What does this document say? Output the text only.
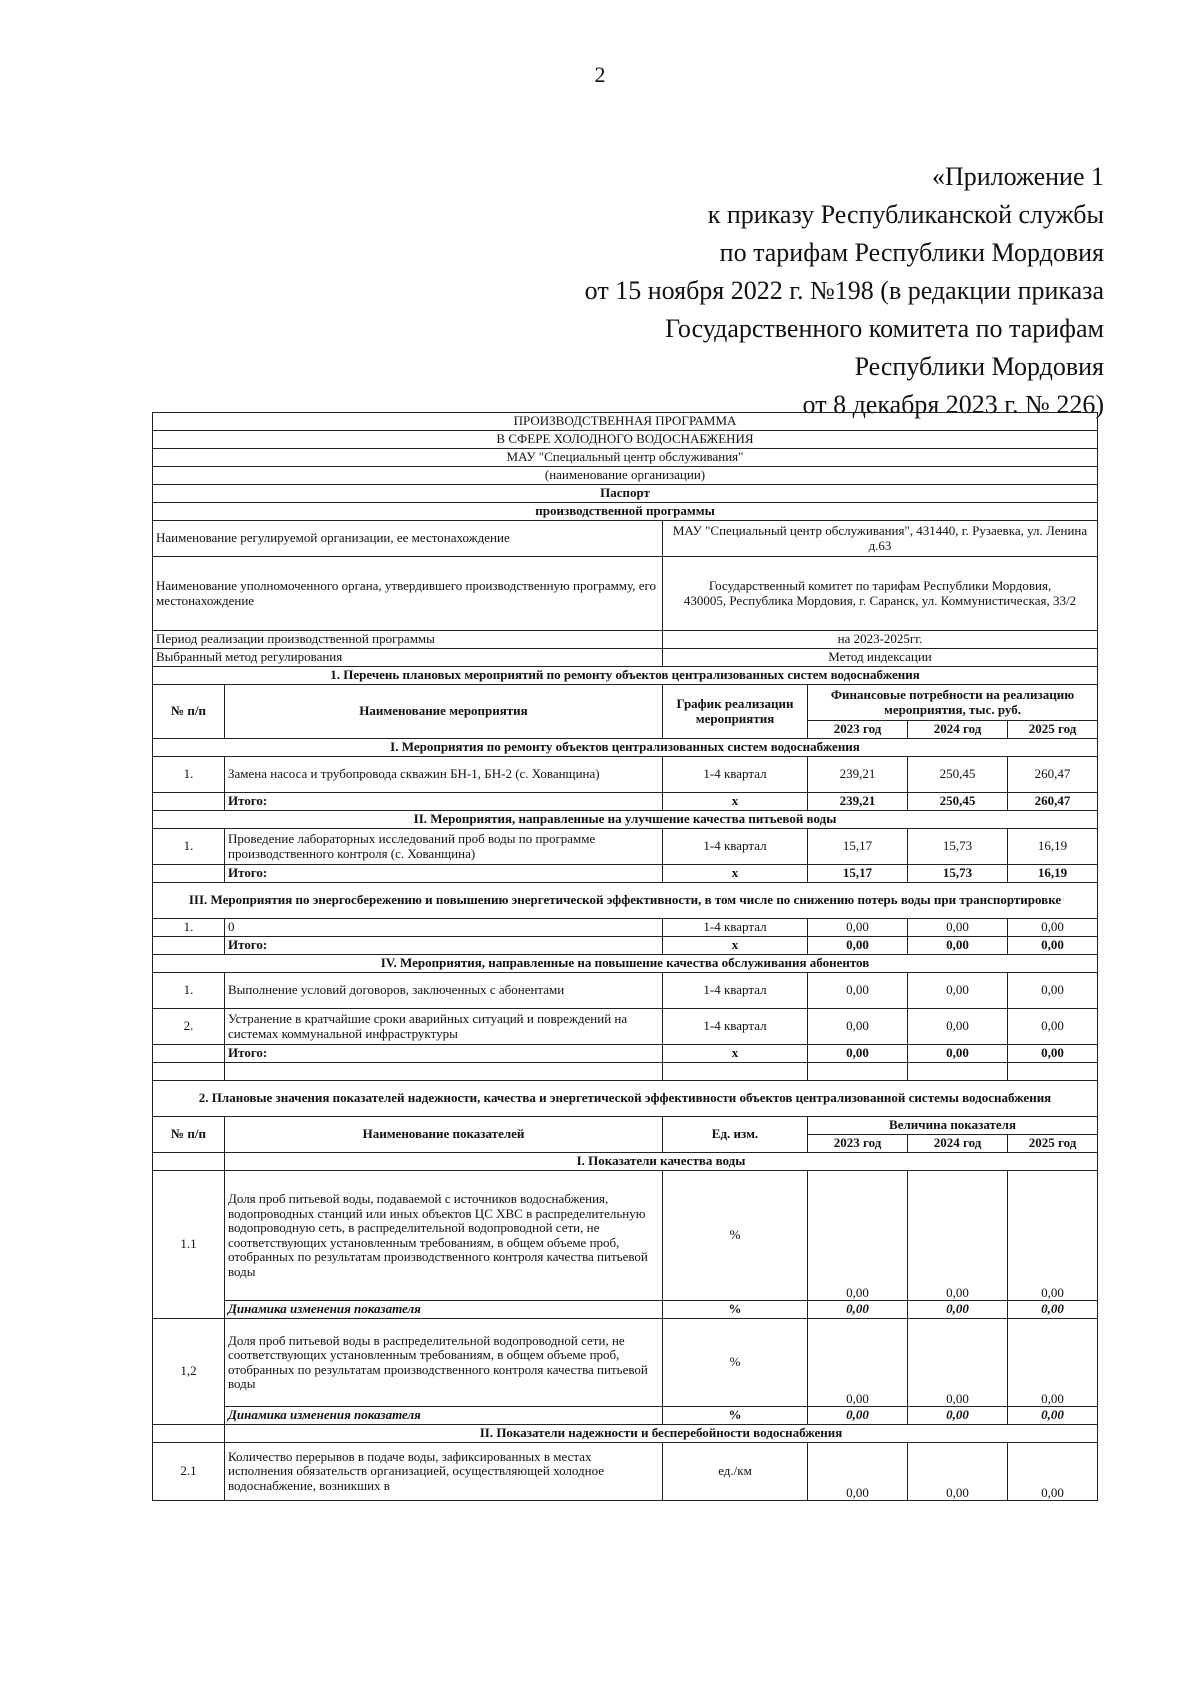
2
«Приложение 1
к приказу Республиканской службы
по тарифам Республики Мордовия
от 15 ноября 2022 г. №198 (в редакции приказа
Государственного комитета по тарифам
Республики Мордовия
от 8 декабря 2023 г. № 226)
ПРОИЗВОДСТВЕННАЯ ПРОГРАММА					
В СФЕРЕ ХОЛОДНОГО ВОДОСНАБЖЕНИЯ					
МАУ "Специальный центр обслуживания"					
(наименование организации)					
Паспорт					
производственной программы					
Наименование регулируемой организации, ее местонахождение		МАУ "Специальный центр обслуживания", 431440, г. Рузаевка, ул. Ленина д.63			
Наименование уполномоченного органа, утвердившего производственную программу, его местонахождение		Государственный комитет по тарифам Республики Мордовия,
430005, Республика Мордовия, г. Саранск, ул. Коммунистическая, 33/2			

Период реализации производственной программы		на 2023-2025гг.			
Выбранный метод регулирования		Метод индексации			
1. Перечень плановых мероприятий по ремонту объектов централизованных систем водоснабжения					
№ п/п	Наименование мероприятия	График реализации мероприятия	Финансовые потребности на реализацию мероприятия, тыс. руб.		
			2023 год	2024 год	2025 год
I. Мероприятия по ремонту объектов централизованных систем водоснабжения					
1.	Замена насоса и трубопровода скважин БН-1, БН-2 (с. Хованщина)	1-4 квартал	239,21	250,45	260,47
	Итого:	х	239,21	250,45	260,47
II. Мероприятия, направленные на улучшение качества питьевой воды					
1.	Проведение лабораторных исследований проб воды по программе производственного контроля (с. Хованщина)	1-4 квартал	15,17	15,73	16,19
	Итого:	х	15,17	15,73	16,19
III. Мероприятия по энергосбережению и повышению энергетической эффективности, в том числе по снижению потерь воды при транспортировке					
1.	0	1-4 квартал	0,00	0,00	0,00
	Итого:	х	0,00	0,00	0,00
IV. Мероприятия, направленные на повышение качества обслуживания абонентов					
1.	Выполнение условий договоров, заключенных с абонентами	1-4 квартал	0,00	0,00	0,00
2.	Устранение в кратчайшие сроки аварийных ситуаций и повреждений на системах коммунальной инфраструктуры	1-4 квартал	0,00	0,00	0,00
	Итого:	х	0,00	0,00	0,00

2. Плановые значения показателей надежности, качества и энергетической эффективности объектов централизованной системы водоснабжения					
№ п/п	Наименование показателей	Ед. изм.	Величина показателя		
			2023 год	2024 год	2025 год
	I. Показатели качества воды				
1.1	Доля проб питьевой воды, подаваемой с источников водоснабжения, водопроводных станций или иных объектов ЦС ХВС в распределительную водопроводную сеть, в распределительной водопроводной сети, не соответствующих установленным требованиям, в общем объеме проб, отобранных по результатам производственного контроля качества питьевой воды	%	0,00	0,00	0,00
	Динамика изменения показателя	%	0,00	0,00	0,00
1,2	Доля проб питьевой воды в распределительной водопроводной сети, не соответствующих установленным требованиям, в общем объеме проб, отобранных по результатам производственного контроля качества питьевой воды	%	0,00	0,00	0,00
	Динамика изменения показателя	%	0,00	0,00	0,00
	II. Показатели надежности и бесперебойности водоснабжения				
2.1	Количество перерывов в подаче воды, зафиксированных в местах исполнения обязательств организацией, осуществляющей холодное водоснабжение, возникших в	ед./км	0,00	0,00	0,00
